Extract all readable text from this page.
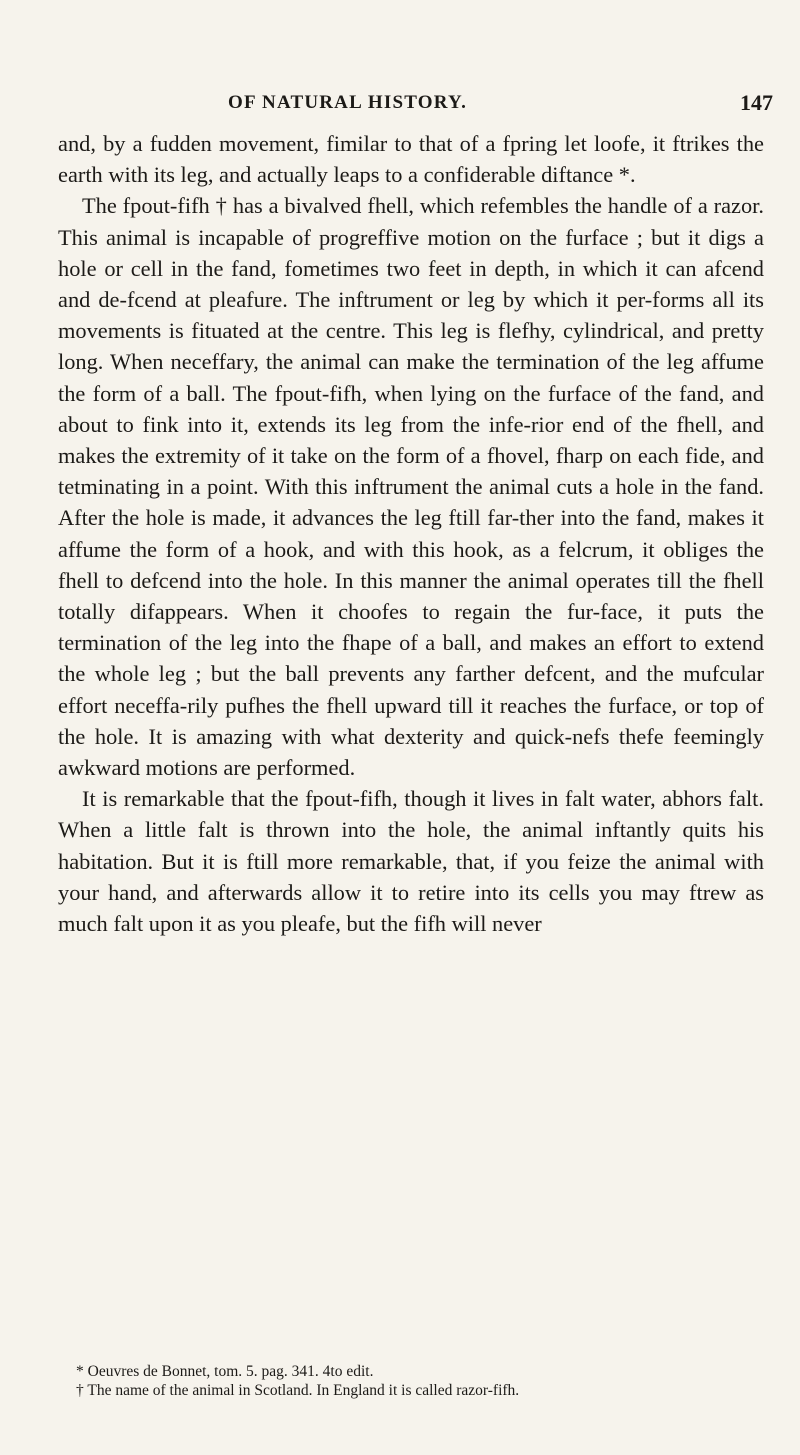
OF NATURAL HISTORY.	147

and, by a fudden movement, fimilar to that of a fpring let loofe, it ftrikes the earth with its leg, and actually leaps to a confiderable diftance *.

The fpout-fifh † has a bivalved fhell, which refembles the handle of a razor. This animal is incapable of progreffive motion on the furface ; but it digs a hole or cell in the fand, fometimes two feet in depth, in which it can afcend and de-fcend at pleafure. The inftrument or leg by which it per-forms all its movements is fituated at the centre. This leg is flefhy, cylindrical, and pretty long. When neceffary, the animal can make the termination of the leg affume the form of a ball. The fpout-fifh, when lying on the furface of the fand, and about to fink into it, extends its leg from the infe-rior end of the fhell, and makes the extremity of it take on the form of a fhovel, fharp on each fide, and tetminating in a point. With this inftrument the animal cuts a hole in the fand. After the hole is made, it advances the leg ftill far-ther into the fand, makes it affume the form of a hook, and with this hook, as a felcrum, it obliges the fhell to defcend into the hole. In this manner the animal operates till the fhell totally difappears. When it choofes to regain the fur-face, it puts the termination of the leg into the fhape of a ball, and makes an effort to extend the whole leg ; but the ball prevents any farther defcent, and the mufcular effort neceffa-rily pufhes the fhell upward till it reaches the furface, or top of the hole. It is amazing with what dexterity and quick-nefs thefe feemingly awkward motions are performed.

It is remarkable that the fpout-fifh, though it lives in falt water, abhors falt. When a little falt is thrown into the hole, the animal inftantly quits his habitation. But it is ftill more remarkable, that, if you feize the animal with your hand, and afterwards allow it to retire into its cells you may ftrew as much falt upon it as you pleafe, but the fifh will never

* Oeuvres de Bonnet, tom. 5. pag. 341. 4to edit.

† The name of the animal in Scotland. In England it is called razor-fifh.
